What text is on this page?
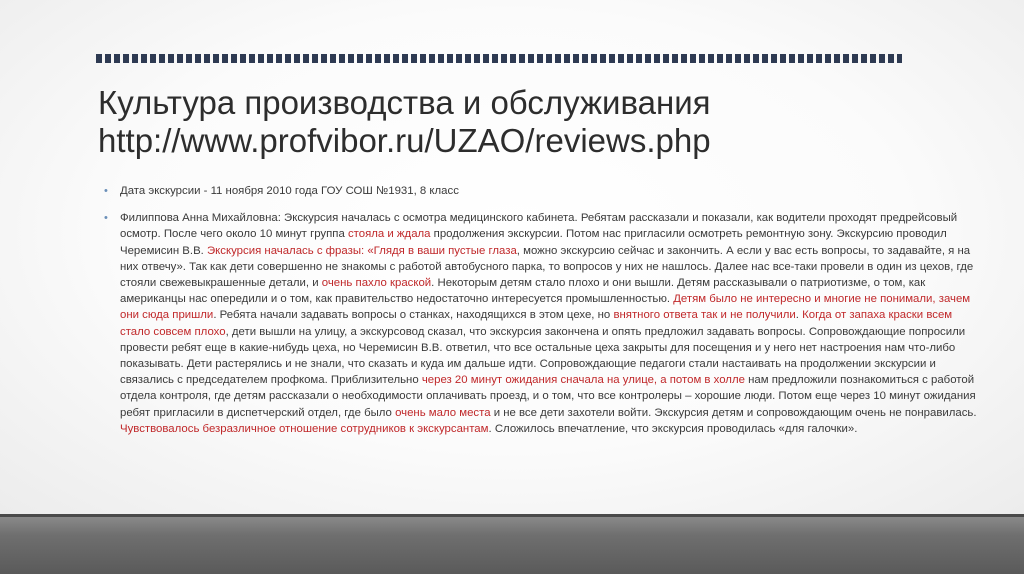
Культура производства и обслуживания
http://www.profvibor.ru/UZAO/reviews.php
• Дата экскурсии - 11 ноября 2010 года ГОУ СОШ №1931, 8 класс
• Филиппова Анна Михайловна: Экскурсия началась с осмотра медицинского кабинета. Ребятам рассказали и показали, как водители проходят предрейсовый осмотр. После чего около 10 минут группа стояла и ждала продолжения экскурсии. Потом нас пригласили осмотреть ремонтную зону. Экскурсию проводил Черемисин В.В. Экскурсия началась с фразы: «Глядя в ваши пустые глаза, можно экскурсию сейчас и закончить. А если у вас есть вопросы, то задавайте, я на них отвечу». Так как дети совершенно не знакомы с работой автобусного парка, то вопросов у них не нашлось. Далее нас все-таки провели в один из цехов, где стояли свежевыкрашенные детали, и очень пахло краской. Некоторым детям стало плохо и они вышли. Детям рассказывали о патриотизме, о том, как американцы нас опередили и о том, как правительство недостаточно интересуется промышленностью. Детям было не интересно и многие не понимали, зачем они сюда пришли. Ребята начали задавать вопросы о станках, находящихся в этом цехе, но внятного ответа так и не получили. Когда от запаха краски всем стало совсем плохо, дети вышли на улицу, а экскурсовод сказал, что экскурсия закончена и опять предложил задавать вопросы. Сопровождающие попросили провести ребят еще в какие-нибудь цеха, но Черемисин В.В. ответил, что все остальные цеха закрыты для посещения и у него нет настроения нам что-либо показывать. Дети растерялись и не знали, что сказать и куда им дальше идти. Сопровождающие педагоги стали настаивать на продолжении экскурсии и связались с председателем профкома. Приблизительно через 20 минут ожидания сначала на улице, а потом в холле нам предложили познакомиться с работой отдела контроля, где детям рассказали о необходимости оплачивать проезд, и о том, что все контролеры – хорошие люди. Потом еще через 10 минут ожидания ребят пригласили в диспетчерский отдел, где было очень мало места и не все дети захотели войти. Экскурсия детям и сопровождающим очень не понравилась. Чувствовалось безразличное отношение сотрудников к экскурсантам. Сложилось впечатление, что экскурсия проводилась «для галочки».
